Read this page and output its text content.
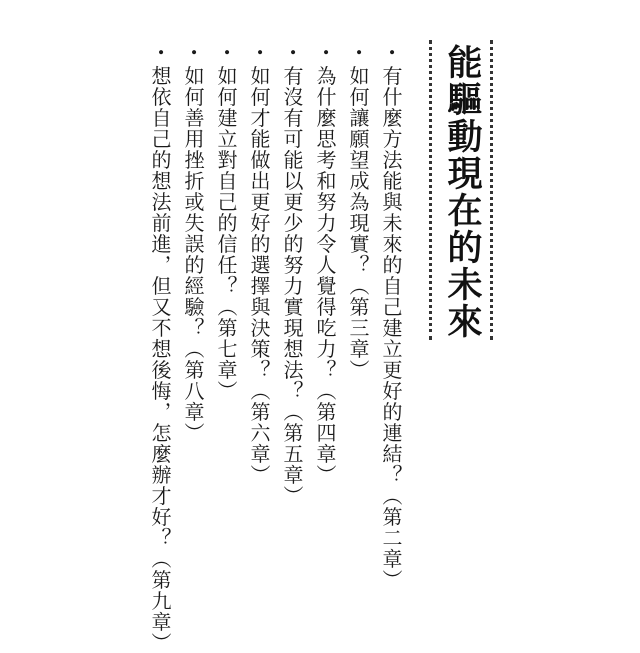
能驅動現在的未來
•有什麼方法能與未來的自己建立更好的連結？（第二章）
•如何讓願望成為現實？（第三章）
•為什麼思考和努力令人覺得吃力？（第四章）
•有沒有可能以更少的努力實現想法？（第五章）
•如何才能做出更好的選擇與決策？（第六章）
•如何建立對自己的信任？（第七章）
•如何善用挫折或失誤的經驗？（第八章）
•想依自己的想法前進，但又不想後悔，怎麼辦才好？（第九章）
